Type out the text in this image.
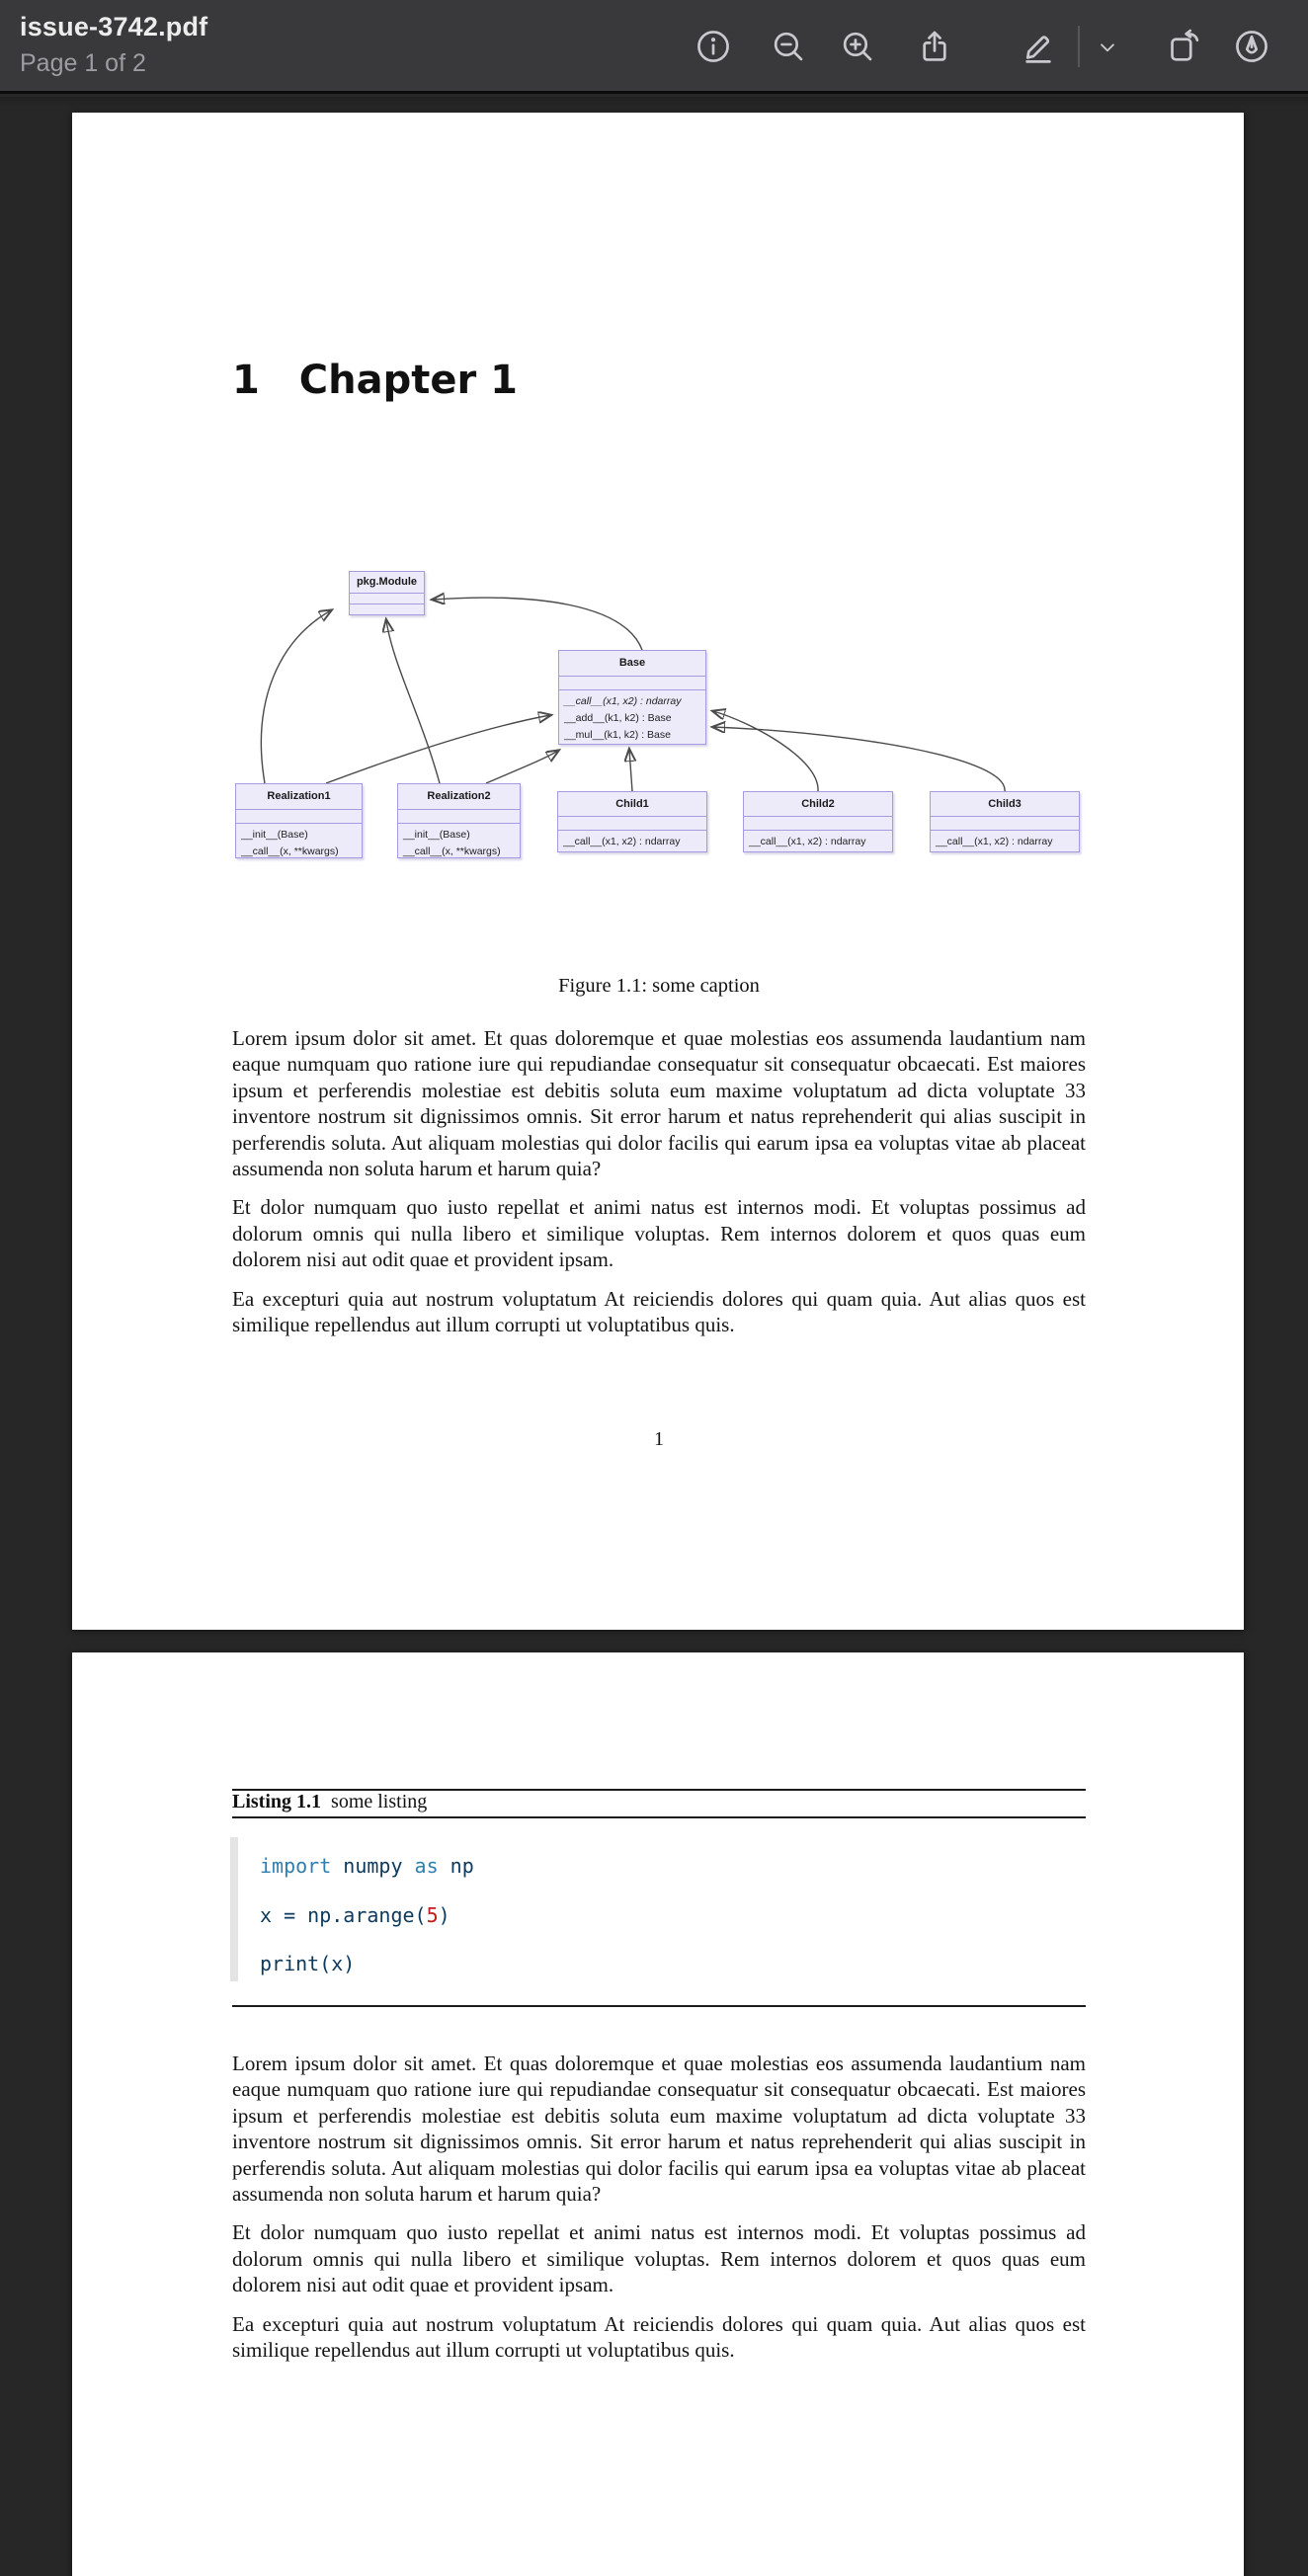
issue-3742.pdf
Page 1 of 2
1 Chapter 1
pkg.Module
Base
__call__(x1, x2) : ndarray
__add__(k1, k2) : Base
__mul__(k1, k2) : Base
Realization1
__init__(Base)
__call__(x, **kwargs)
Realization2
__init__(Base)
__call__(x, **kwargs)
Child1
__call__(x1, x2) : ndarray
Child2
__call__(x1, x2) : ndarray
Child3
__call__(x1, x2) : ndarray
Figure 1.1: some caption

Lorem ipsum dolor sit amet. Et quas doloremque et quae molestias eos assumenda laudantium nam eaque numquam quo ratione iure qui repudiandae consequatur sit consequatur obcaecati. Est maiores ipsum et perferendis molestiae est debitis soluta eum maxime voluptatum ad dicta voluptate 33 inventore nostrum sit dignissimos omnis. Sit error harum et natus reprehenderit qui alias suscipit in perferendis soluta. Aut aliquam molestias qui dolor facilis qui earum ipsa ea voluptas vitae ab placeat assumenda non soluta harum et harum quia?

Et dolor numquam quo iusto repellat et animi natus est internos modi. Et voluptas possimus ad dolorum omnis qui nulla libero et similique voluptas. Rem internos dolorem et quos quas eum dolorem nisi aut odit quae et provident ipsam.

Ea excepturi quia aut nostrum voluptatum At reiciendis dolores qui quam quia. Aut alias quos est similique repellendus aut illum corrupti ut voluptatibus quis.

1
Listing 1.1 some listing
import numpy as np
x = np.arange(5)
print(x)

Lorem ipsum dolor sit amet. Et quas doloremque et quae molestias eos assumenda laudantium nam eaque numquam quo ratione iure qui repudiandae consequatur sit consequatur obcaecati. Est maiores ipsum et perferendis molestiae est debitis soluta eum maxime voluptatum ad dicta voluptate 33 inventore nostrum sit dignissimos omnis. Sit error harum et natus reprehenderit qui alias suscipit in perferendis soluta. Aut aliquam molestias qui dolor facilis qui earum ipsa ea voluptas vitae ab placeat assumenda non soluta harum et harum quia?

Et dolor numquam quo iusto repellat et animi natus est internos modi. Et voluptas possimus ad dolorum omnis qui nulla libero et similique voluptas. Rem internos dolorem et quos quas eum dolorem nisi aut odit quae et provident ipsam.

Ea excepturi quia aut nostrum voluptatum At reiciendis dolores qui quam quia. Aut alias quos est similique repellendus aut illum corrupti ut voluptatibus quis.
